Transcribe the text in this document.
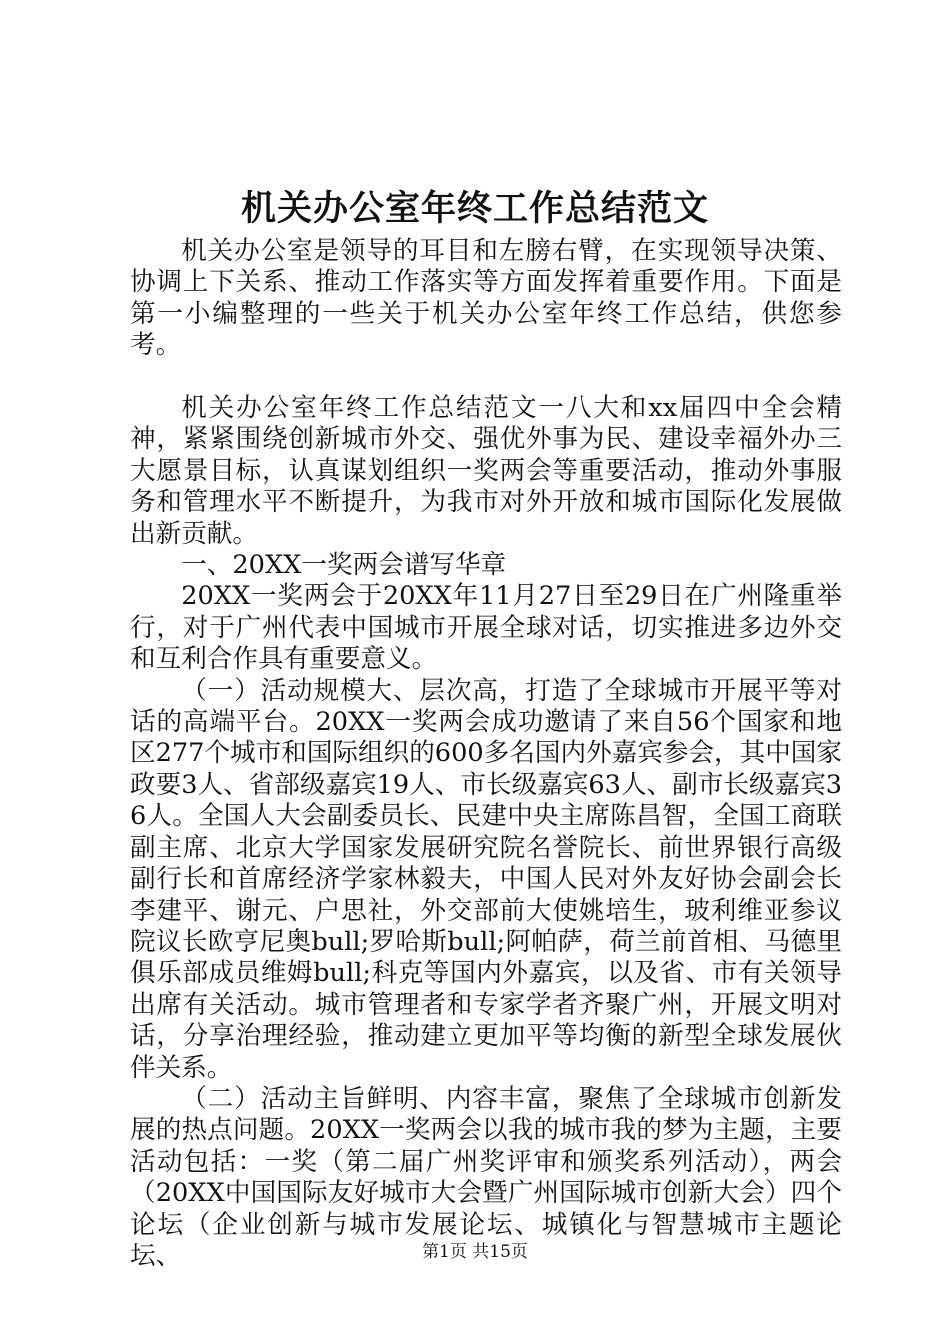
机关办公室年终工作总结范文

机关办公室是领导的耳目和左膀右臂，在实现领导决策、协调上下关系、推动工作落实等方面发挥着重要作用。下面是第一小编整理的一些关于机关办公室年终工作总结，供您参考。

机关办公室年终工作总结范文一八大和xx届四中全会精神，紧紧围绕创新城市外交、强优外事为民、建设幸福外办三大愿景目标，认真谋划组织一奖两会等重要活动，推动外事服务和管理水平不断提升，为我市对外开放和城市国际化发展做出新贡献。

一、20XX一奖两会谱写华章

20XX一奖两会于20XX年11月27日至29日在广州隆重举行，对于广州代表中国城市开展全球对话，切实推进多边外交和互利合作具有重要意义。

（一）活动规模大、层次高，打造了全球城市开展平等对话的高端平台。20XX一奖两会成功邀请了来自56个国家和地区277个城市和国际组织的600多名国内外嘉宾参会，其中国家政要3人、省部级嘉宾19人、市长级嘉宾63人、副市长级嘉宾36人。全国人大会副委员长、民建中央主席陈昌智，全国工商联副主席、北京大学国家发展研究院名誉院长、前世界银行高级副行长和首席经济学家林毅夫，中国人民对外友好协会副会长李建平、谢元、户思社，外交部前大使姚培生，玻利维亚参议院议长欧亨尼奥bull;罗哈斯bull;阿帕萨，荷兰前首相、马德里俱乐部成员维姆bull;科克等国内外嘉宾，以及省、市有关领导出席有关活动。城市管理者和专家学者齐聚广州，开展文明对话，分享治理经验，推动建立更加平等均衡的新型全球发展伙伴关系。

（二）活动主旨鲜明、内容丰富，聚焦了全球城市创新发展的热点问题。20XX一奖两会以我的城市我的梦为主题，主要活动包括：一奖（第二届广州奖评审和颁奖系列活动），两会（20XX中国国际友好城市大会暨广州国际城市创新大会）四个论坛（企业创新与城市发展论坛、城镇化与智慧城市主题论坛、	第1页 共15页
